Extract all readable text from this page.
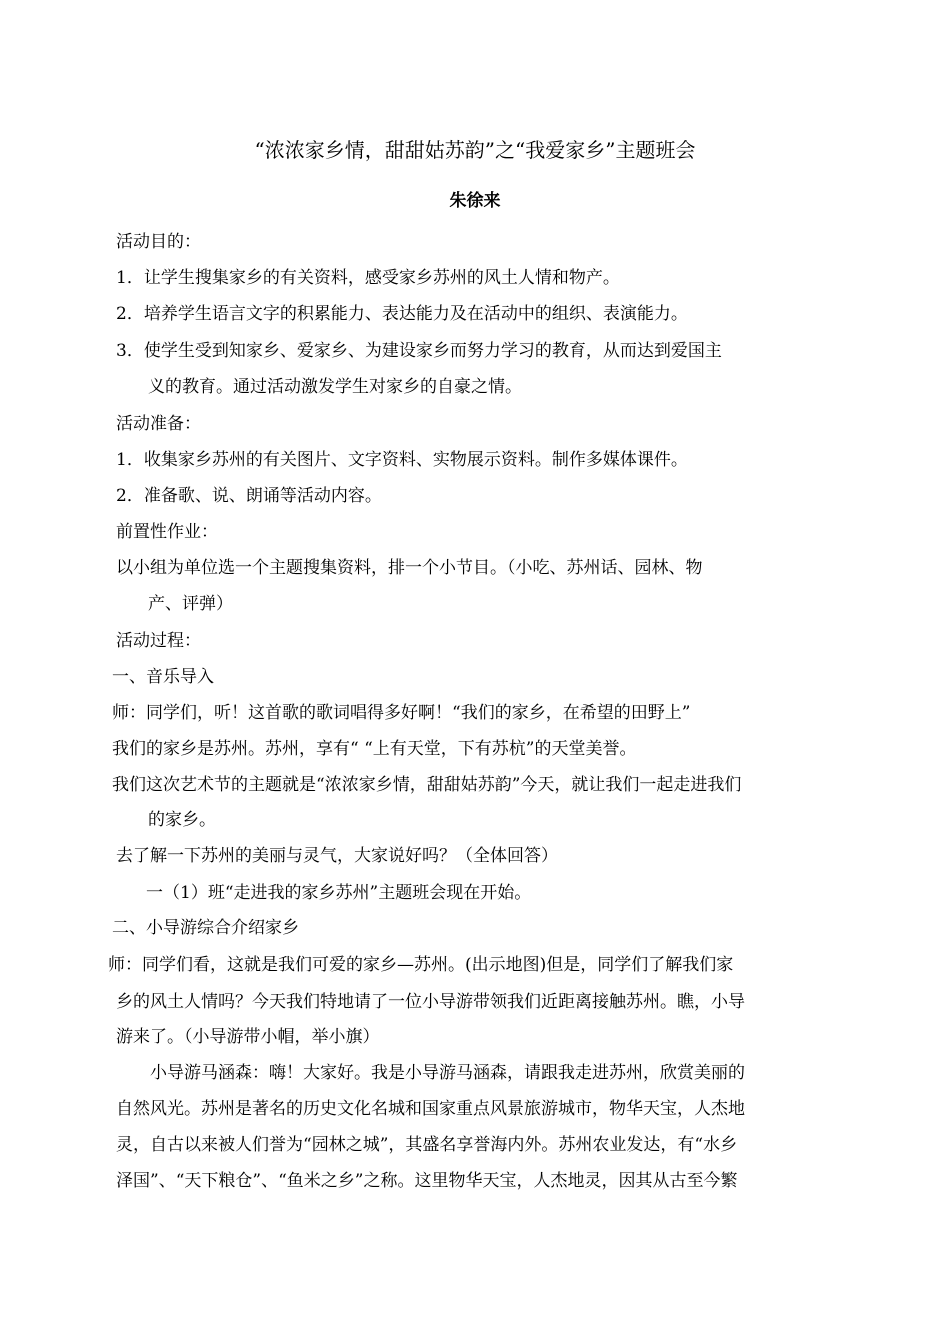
“浓浓家乡情，甜甜姑苏韵”之“我爱家乡”主题班会
朱徐来
活动目的：
1．让学生搜集家乡的有关资料，感受家乡苏州的风土人情和物产。
2．培养学生语言文字的积累能力、表达能力及在活动中的组织、表演能力。
3．使学生受到知家乡、爱家乡、为建设家乡而努力学习的教育，从而达到爱国主
义的教育。通过活动激发学生对家乡的自豪之情。
活动准备：
1．收集家乡苏州的有关图片、文字资料、实物展示资料。制作多媒体课件。
2．准备歌、说、朗诵等活动内容。
前置性作业：
以小组为单位选一个主题搜集资料，排一个小节目。（小吃、苏州话、园林、物
产、评弹）
活动过程：
一、音乐导入
师：同学们，听！这首歌的歌词唱得多好啊！“我们的家乡，在希望的田野上”
我们的家乡是苏州。苏州，享有“ “上有天堂，下有苏杭”的天堂美誉。
我们这次艺术节的主题就是“浓浓家乡情，甜甜姑苏韵”今天，就让我们一起走进我们
的家乡。
去了解一下苏州的美丽与灵气，大家说好吗？（全体回答）
一（1）班“走进我的家乡苏州”主题班会现在开始。
二、小导游综合介绍家乡
师：同学们看，这就是我们可爱的家乡—苏州。(出示地图)但是，同学们了解我们家
乡的风土人情吗？今天我们特地请了一位小导游带领我们近距离接触苏州。瞧，小导
游来了。（小导游带小帽，举小旗）
小导游马涵森：嗨！大家好。我是小导游马涵森，请跟我走进苏州，欣赏美丽的
自然风光。苏州是著名的历史文化名城和国家重点风景旅游城市，物华天宝，人杰地
灵，自古以来被人们誉为“园林之城”，其盛名享誉海内外。苏州农业发达，有“水乡
泽国”、“天下粮仓”、“鱼米之乡”之称。这里物华天宝，人杰地灵，因其从古至今繁
